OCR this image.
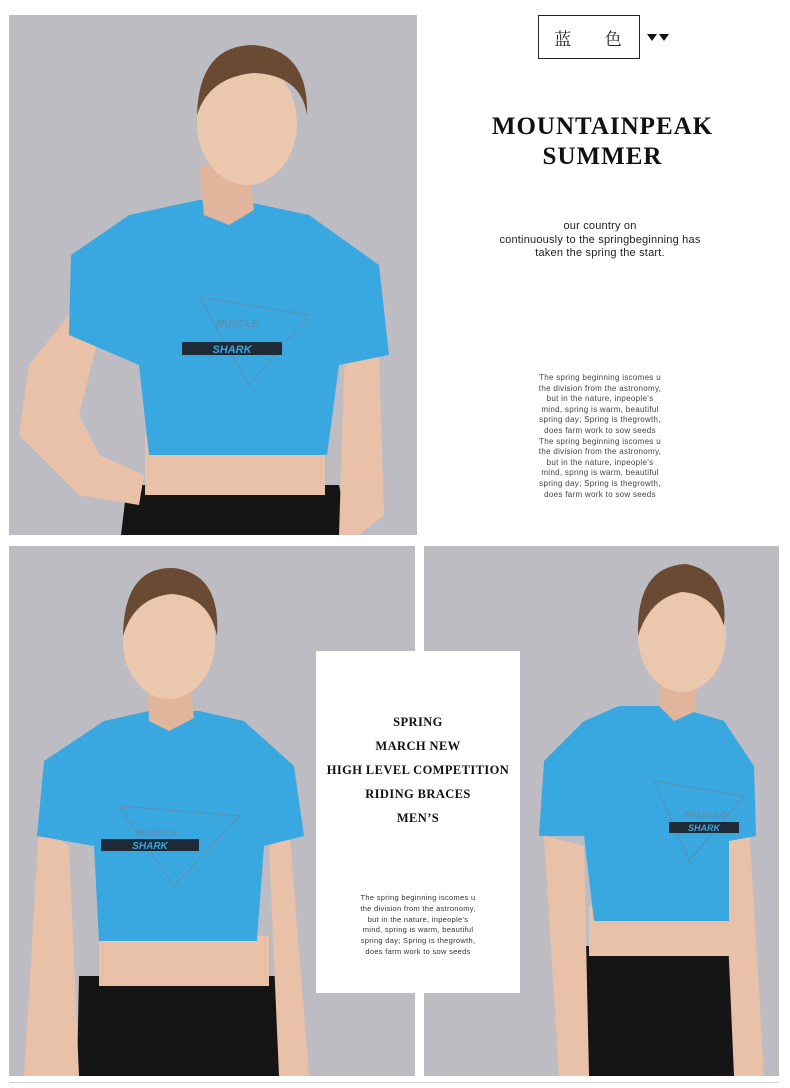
MUSCLE
SHARK
蓝 色
MOUNTAINPEAK
SUMMER
our country on
continuously to the springbeginning has
taken the spring the start.
The spring beginning iscomes u
the division from the astronomy,
but in the nature, inpeople's
mind, spring is warm, beautiful
spring day; Spring is thegrowth,
does farm work to sow seeds
The spring beginning iscomes u
the division from the astronomy,
but in the nature, inpeople's
mind, spring is warm, beautiful
spring day; Spring is thegrowth,
does farm work to sow seeds
MUSCLE
SHARK
MUSCLE
SHARK
SPRING
MARCH NEW
HIGH LEVEL COMPETITION
RIDING BRACES
MEN’S
The spring beginning iscomes u
the division from the astronomy,
but in the nature, inpeople's
mind, spring is warm, beautiful
spring day; Spring is thegrowth,
does farm work to sow seeds
